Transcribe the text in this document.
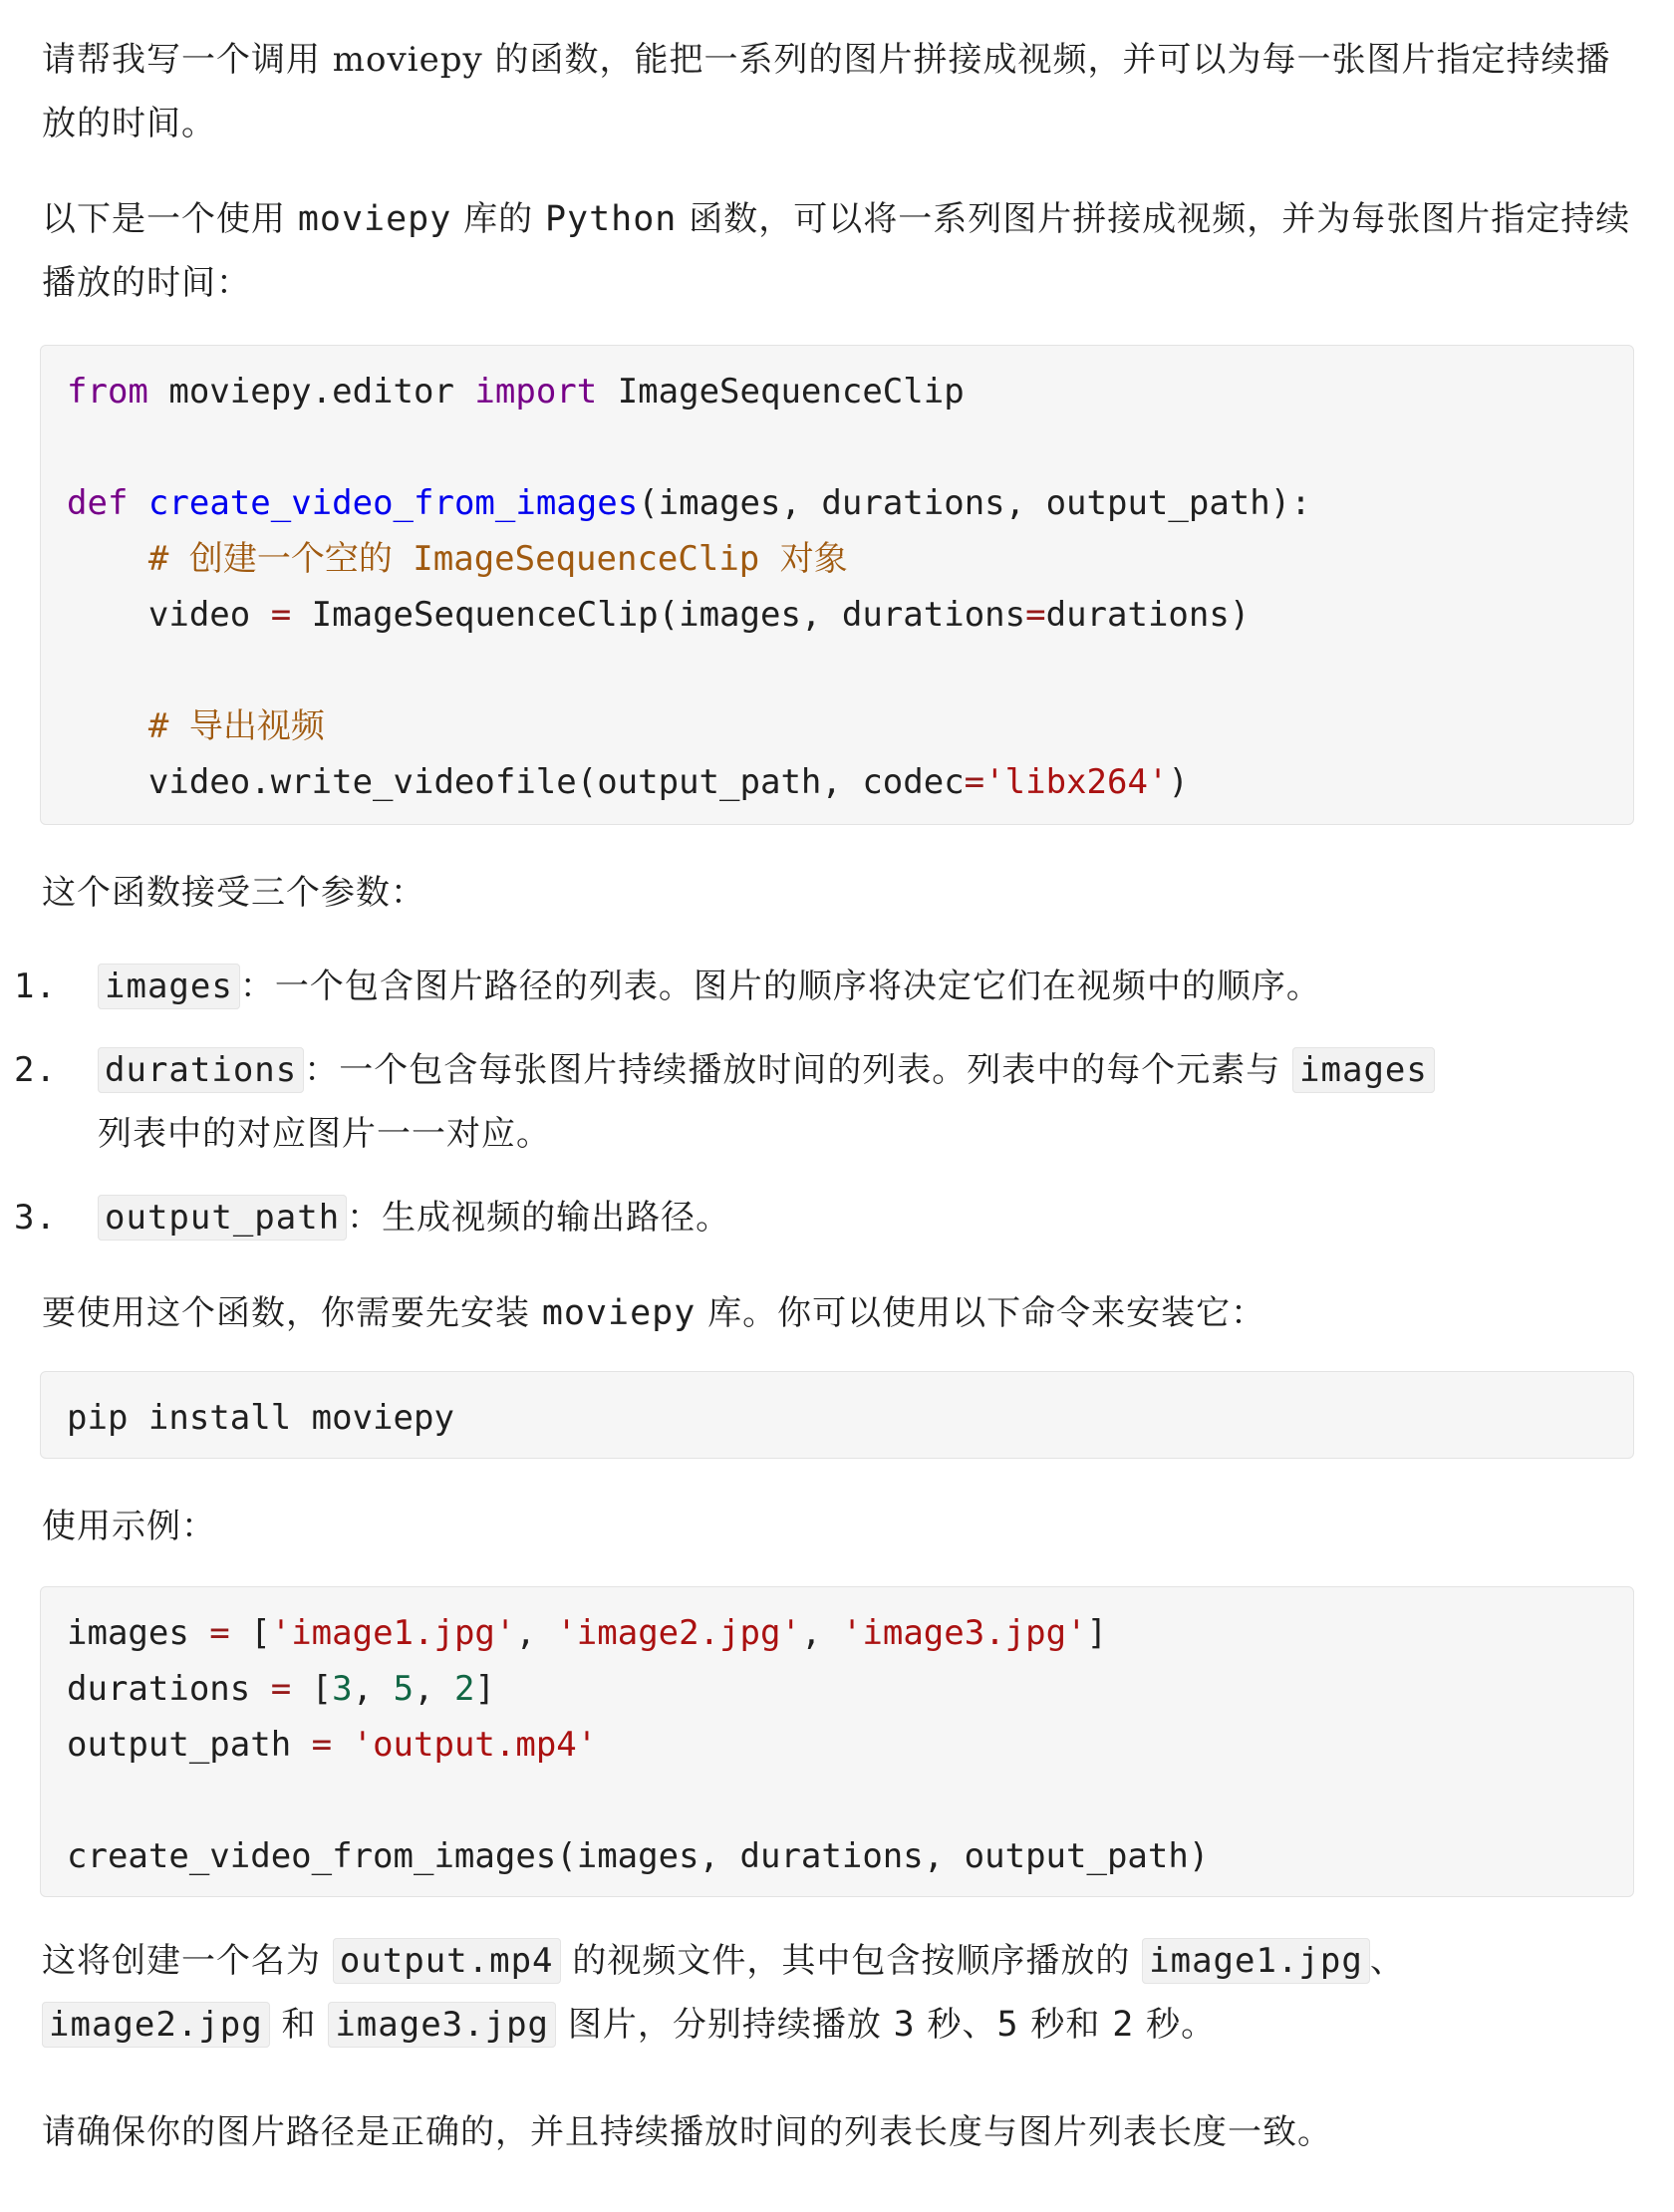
请帮我写一个调用 moviepy 的函数，能把一系列的图片拼接成视频，并可以为每一张图片指定持续播放的时间。

以下是一个使用 moviepy 库的 Python 函数，可以将一系列图片拼接成视频，并为每张图片指定持续播放的时间：

from moviepy.editor import ImageSequenceClip

def create_video_from_images(images, durations, output_path):
# 创建一个空的 ImageSequenceClip 对象
video = ImageSequenceClip(images, durations=durations)

# 导出视频
video.write_videofile(output_path, codec='libx264')

这个函数接受三个参数：

1. images ：一个包含图片路径的列表。图片的顺序将决定它们在视频中的顺序。
2. durations ：一个包含每张图片持续播放时间的列表。列表中的每个元素与 images
列表中的对应图片一一对应。
3. output_path ：生成视频的输出路径。

要使用这个函数，你需要先安装 moviepy 库。你可以使用以下命令来安装它：

pip install moviepy

使用示例：

images = ['image1.jpg', 'image2.jpg', 'image3.jpg']
durations = [3, 5, 2]
output_path = 'output.mp4'

create_video_from_images(images, durations, output_path)

这将创建一个名为 output.mp4 的视频文件，其中包含按顺序播放的 image1.jpg 、
image2.jpg 和 image3.jpg 图片，分别持续播放 3 秒、5 秒和 2 秒。

请确保你的图片路径是正确的，并且持续播放时间的列表长度与图片列表长度一致。
